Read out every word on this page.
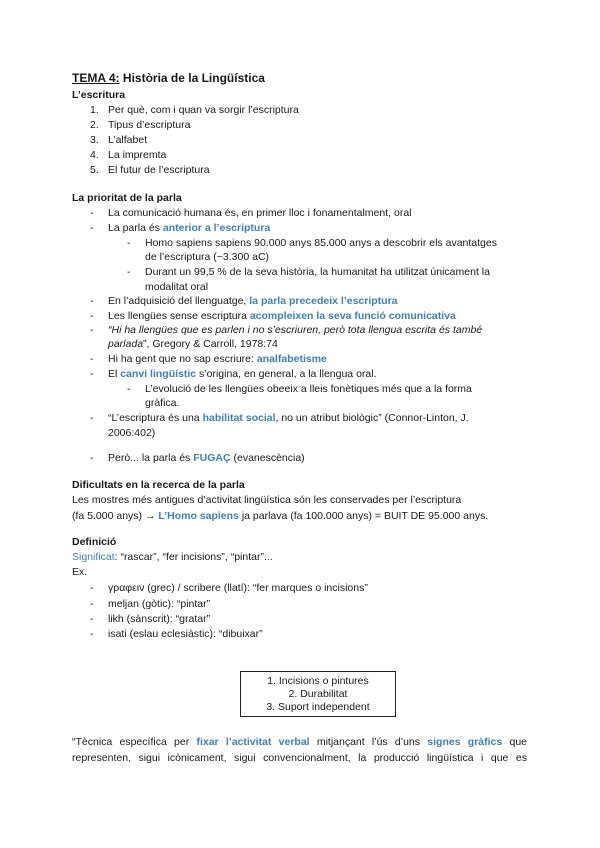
TEMA 4: Història de la Lingüística
L’escritura
1. Per què, com i quan va sorgir l’escriptura
2. Tipus d’escriptura
3. L’alfabet
4. La impremta
5. El futur de l’escriptura
La prioritat de la parla
- La comunicació humana és, en primer lloc i fonamentalment, oral
- La parla és anterior a l’escriptura
- Homo sapiens sapiens 90.000 anys 85.000 anys a descobrir els avantatges
de l’escriptura (~3.300 aC)
- Durant un 99,5 % de la seva història, la humanitat ha utilitzat únicament la
modalitat oral
- En l’adquisició del llenguatge, la parla precedeix l’escriptura
- Les llengües sense escriptura acompleixen la seva funció comunicativa
- “Hi ha llengües que es parlen i no s’escriuren, però tota llengua escrita és també
parlada”, Gregory & Carroll, 1978:74
- Hi ha gent que no sap escriure: analfabetisme
- El canvi lingüístic s’origina, en general, a la llengua oral.
- L’evolució de les llengües obeeix a lleis fonètiques més que a la forma
gràfica.
- “L’escriptura és una habilitat social, no un atribut biològic” (Connor-Linton, J.
2006:402)
- Però... la parla és FUGAÇ (evanescència)
Dificultats en la recerca de la parla
Les mostres més antigues d’activitat lingüística són les conservades per l’escriptura
(fa 5.000 anys) → L’Homo sapiens ja parlava (fa 100.000 anys) = BUIT DE 95.000 anys.
Definició
Significat: “rascar”, “fer incisions”, “pintar”...
Ex.
- γραφειν (grec) / scribere (llatí): “fer marques o incisions”
- meljan (gòtic): “pintar”
- likh (sànscrit): “gratar”
- isati (eslau eclesiàstic): “dibuixar”
1. Incisions o pintures
2. Durabilitat
3. Suport independent
“Tècnica específica per fixar l’activitat verbal mitjançant l’ús d’uns signes gràfics que
representen, sigui icònicament, sigui convencionalment, la producció lingüística i que es
